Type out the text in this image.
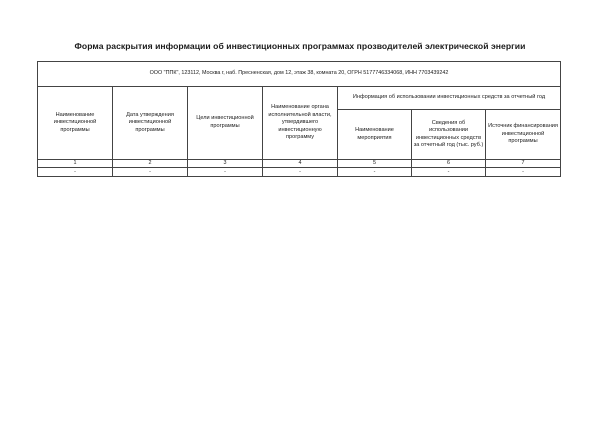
Форма раскрытия информации об инвестиционных программах прозводителей электрической энергии
ООО "ППК", 123112, Москва г, наб. Пресненская, дом 12, этаж 38, комната 20, ОГРН 5177746334068, ИНН 7703439242						
Наименование инвестиционной программы	Дата утверждения инвестиционной программы	Цели инвестиционной программы	Наименование органа исполнительной власти, утвердившего инвестиционную программу	Информация об использовании инвестиционных средств за отчетный год		
				Наименование мероприятия	Сведения об использовании инвестиционных средств за отчетный год (тыс. руб.)	Источник финансирования инвестиционной программы
1	2	3	4	5	6	7
-	-	-	-	-	-	-
